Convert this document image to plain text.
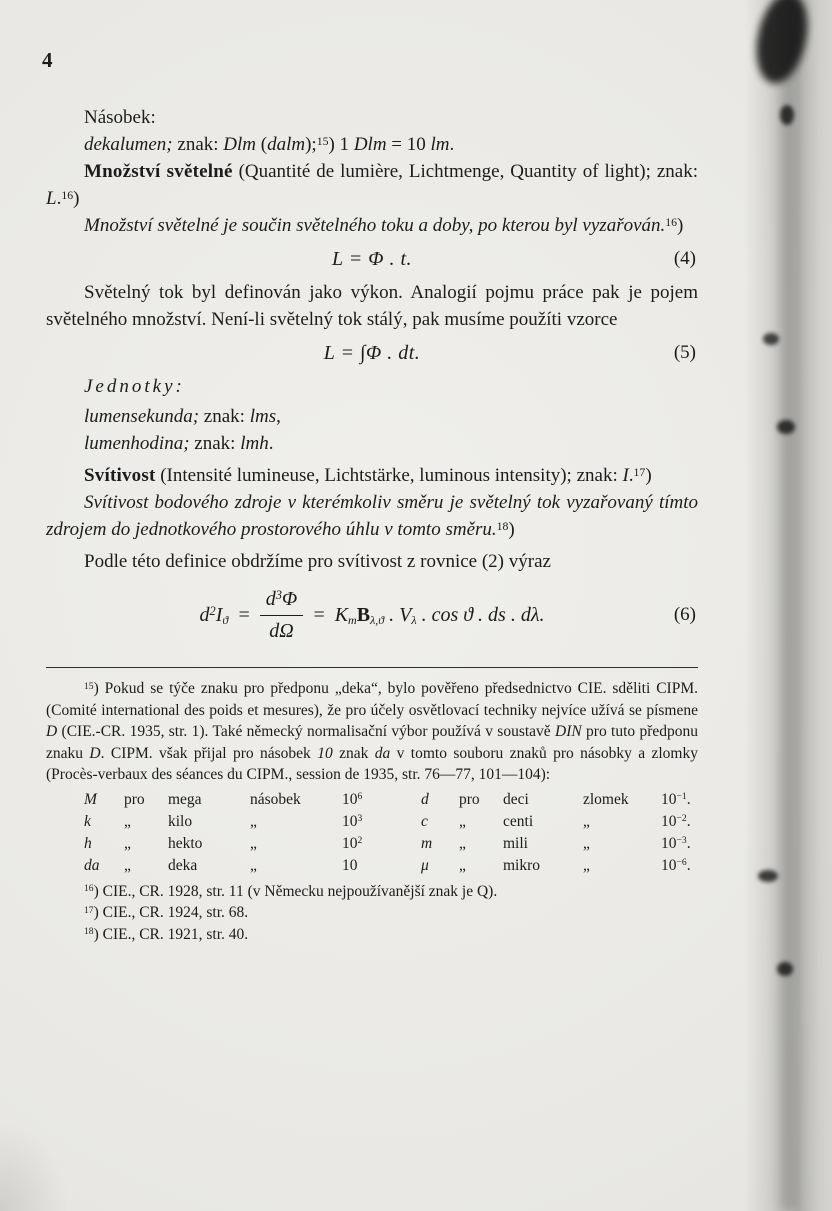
4

Násobek:

dekalumen; znak: Dlm (dalm);$^{15}$) 1 Dlm = 10 lm.

Množství světelné (Quantité de lumière, Lichtmenge, Quantity of light); znak: L.$^{16}$)

Množství světelné je součin světelného toku a doby, po kterou byl vyzařován.$^{16}$)

L = Φ . t.	(4)

Světelný tok byl definován jako výkon. Analogií pojmu práce pak je pojem světelného množství. Není-li světelný tok stálý, pak musíme použíti vzorce

L = ∫Φ . dt.	(5)

Jednotky:

lumensekunda; znak: lms,

lumenhodina; znak: lmh.

Svítivost (Intensité lumineuse, Lichtstärke, luminous intensity); znak: I.$^{17}$)

Svítivost bodového zdroje v kterémkoliv směru je světelný tok vyzařovaný tímto zdrojem do jednotkového prostorového úhlu v tomto směru.$^{18}$)

Podle této definice obdržíme pro svítivost z rovnice (2) výraz

$d^2I_ϑ = \frac{d^3\Phi}{d\Omega} = K_mB_{\lambda,ϑ}$ . $V_\lambda$ . cos ϑ . ds . dλ.	(6)

$^{15}$) Pokud se týče znaku pro předponu „deka“, bylo pověřeno předsednictvo CIE. sděliti CIPM. (Comité international des poids et mesures), že pro účely osvětlovací techniky nejvíce užívá se písmene D (CIE.-CR. 1935, str. 1). Také německý normalisační výbor používá v soustavě DIN pro tuto předponu znaku D. CIPM. však přijal pro násobek 10 znak da v tomto souboru znaků pro násobky a zlomky (Procès-verbaux des séances du CIPM., session de 1935, str. 76—77, 101—104):

M	pro	mega	násobek	$10^6$	d	pro	deci	zlomek	$10^{-1}$.
k	„	kilo	„	$10^3$	c	„	centi	„	$10^{-2}$.
h	„	hekto	„	$10^2$	m	„	mili	„	$10^{-3}$.
da	„	deka	„	10	μ	„	mikro	„	$10^{-6}$.

$^{16}$) CIE., CR. 1928, str. 11 (v Německu nejpoužívanější znak je Q).

$^{17}$) CIE., CR. 1924, str. 68.

$^{18}$) CIE., CR. 1921, str. 40.
